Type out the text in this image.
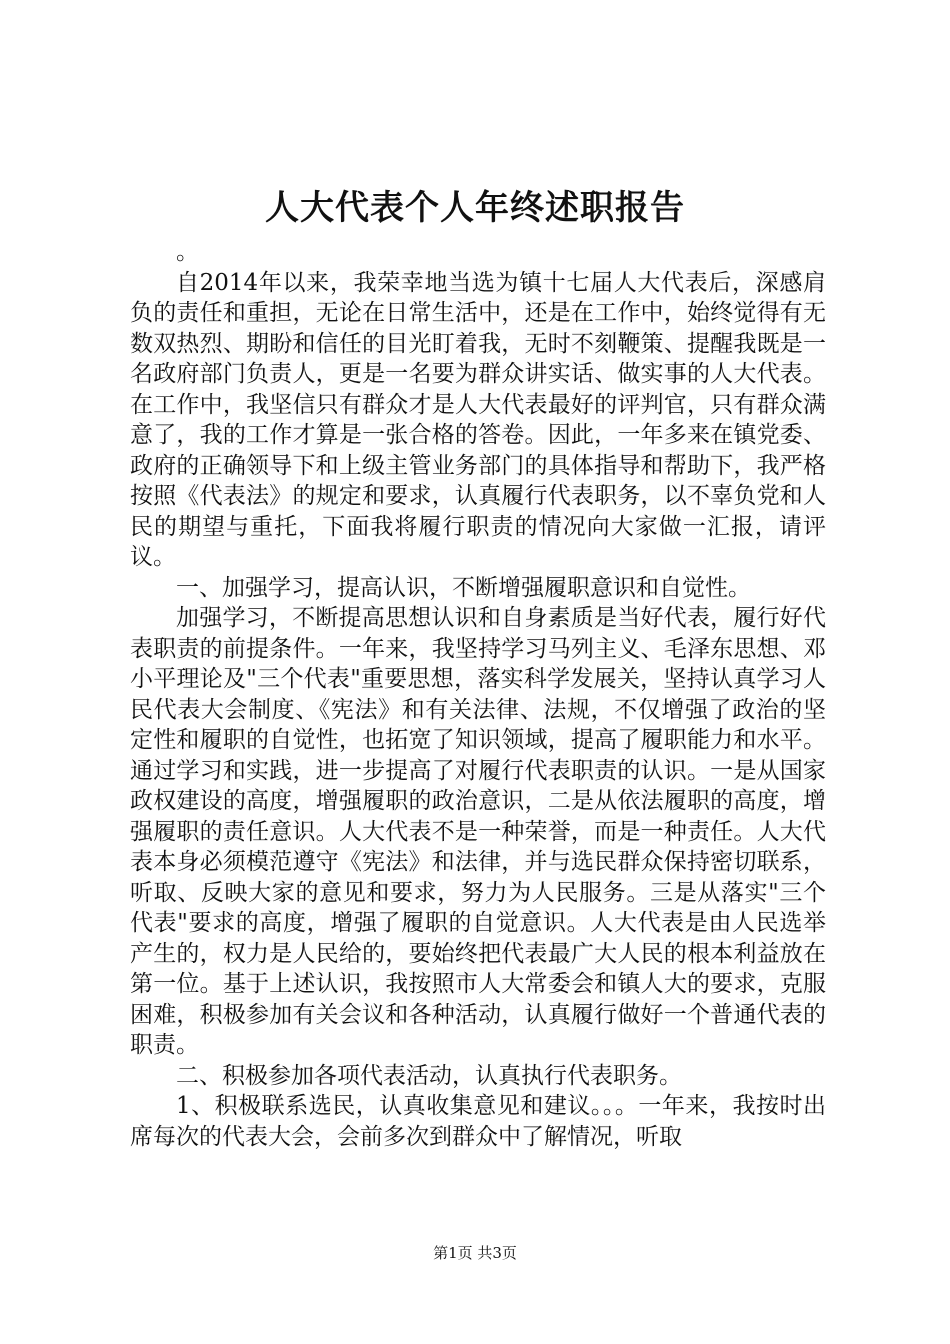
人大代表个人年终述职报告

。

自2014年以来，我荣幸地当选为镇十七届人大代表后，深感肩负的责任和重担，无论在日常生活中，还是在工作中，始终觉得有无数双热烈、期盼和信任的目光盯着我，无时不刻鞭策、提醒我既是一名政府部门负责人，更是一名要为群众讲实话、做实事的人大代表。在工作中，我坚信只有群众才是人大代表最好的评判官，只有群众满意了，我的工作才算是一张合格的答卷。因此，一年多来在镇党委、政府的正确领导下和上级主管业务部门的具体指导和帮助下，我严格按照《代表法》的规定和要求，认真履行代表职务，以不辜负党和人民的期望与重托，下面我将履行职责的情况向大家做一汇报，请评议。

一、加强学习，提高认识，不断增强履职意识和自觉性。

加强学习，不断提高思想认识和自身素质是当好代表，履行好代表职责的前提条件。一年来，我坚持学习马列主义、毛泽东思想、邓小平理论及"三个代表"重要思想，落实科学发展关，坚持认真学习人民代表大会制度、《宪法》和有关法律、法规，不仅增强了政治的坚定性和履职的自觉性，也拓宽了知识领域，提高了履职能力和水平。通过学习和实践，进一步提高了对履行代表职责的认识。一是从国家政权建设的高度，增强履职的政治意识，二是从依法履职的高度，增强履职的责任意识。人大代表不是一种荣誉，而是一种责任。人大代表本身必须模范遵守《宪法》和法律，并与选民群众保持密切联系，听取、反映大家的意见和要求，努力为人民服务。三是从落实"三个代表"要求的高度，增强了履职的自觉意识。人大代表是由人民选举产生的，权力是人民给的，要始终把代表最广大人民的根本利益放在第一位。基于上述认识，我按照市人大常委会和镇人大的要求，克服困难，积极参加有关会议和各种活动，认真履行做好一个普通代表的职责。

二、积极参加各项代表活动，认真执行代表职务。

1、积极联系选民，认真收集意见和建议。。。一年来，我按时出席每次的代表大会，会前多次到群众中了解情况，听取

第1页 共3页
